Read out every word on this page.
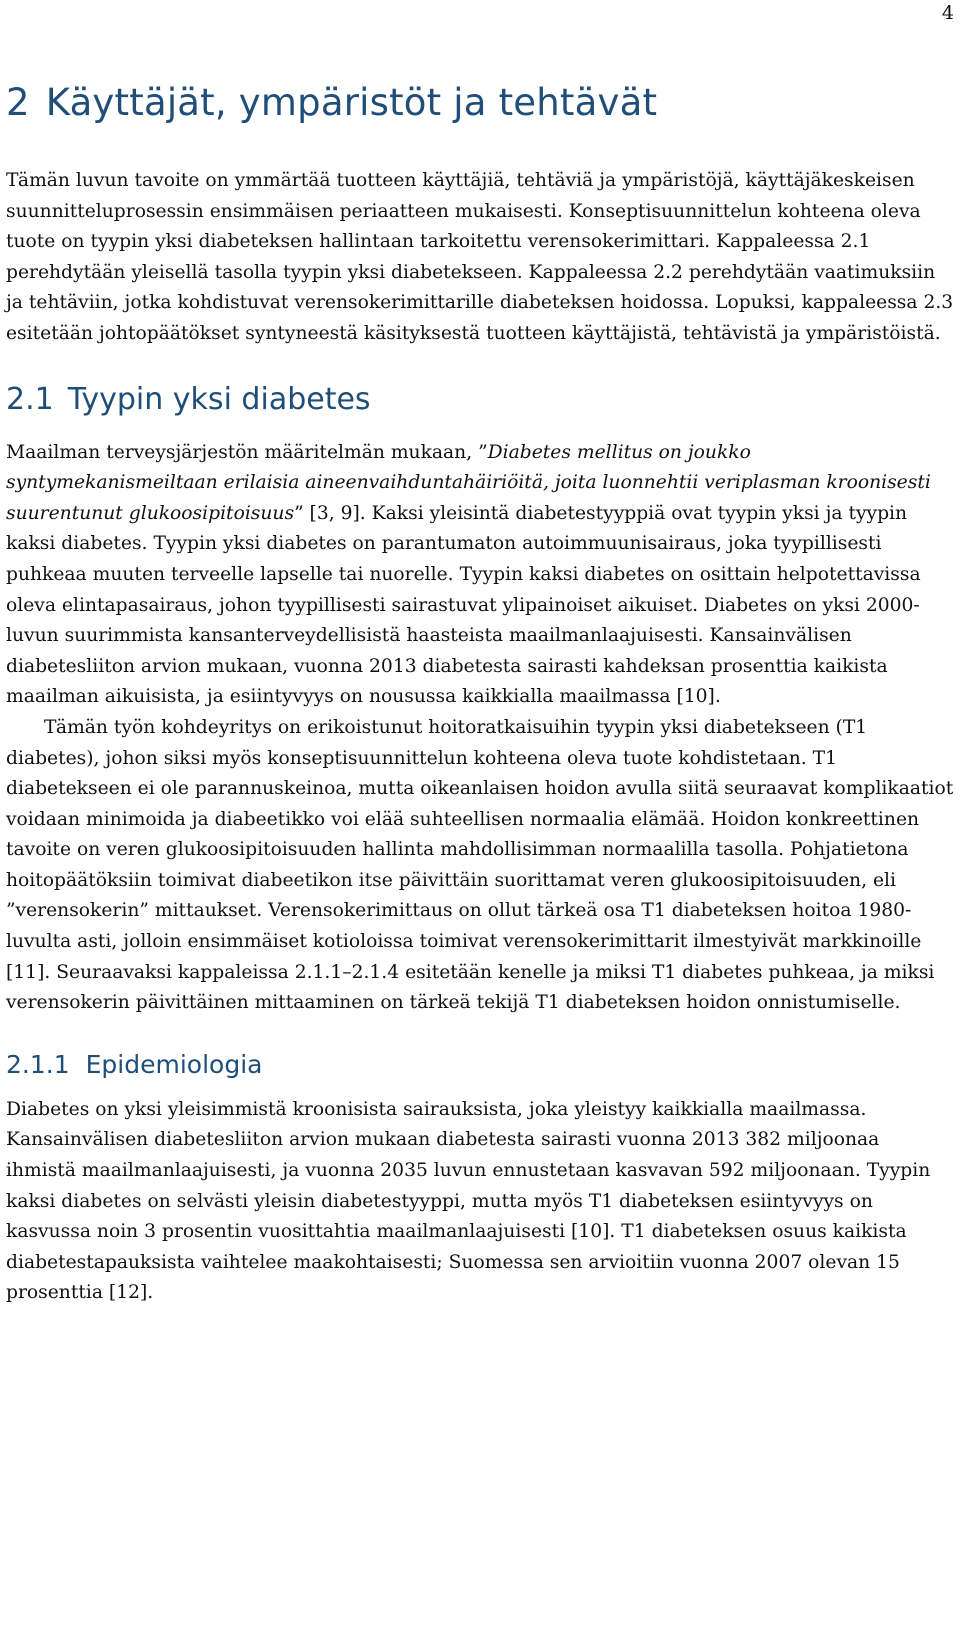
4
2 Käyttäjät, ympäristöt ja tehtävät

Tämän luvun tavoite on ymmärtää tuotteen käyttäjiä, tehtäviä ja ympäristöjä, käyttäjäkeskeisen suunnitteluprosessin ensimmäisen periaatteen mukaisesti. Konseptisuunnittelun kohteena oleva tuote on tyypin yksi diabeteksen hallintaan tarkoitettu verensokerimittari. Kappaleessa 2.1 perehdytään yleisellä tasolla tyypin yksi diabetekseen. Kappaleessa 2.2 perehdytään vaatimuksiin ja tehtäviin, jotka kohdistuvat verensokerimittarille diabeteksen hoidossa. Lopuksi, kappaleessa 2.3 esitetään johtopäätökset syntyneestä käsityksestä tuotteen käyttäjistä, tehtävistä ja ympäristöistä.

2.1 Tyypin yksi diabetes

Maailman terveysjärjestön määritelmän mukaan, ”Diabetes mellitus on joukko syntymekanismeiltaan erilaisia aineenvaihduntahäiriöitä, joita luonnehtii veriplasman kroonisesti suurentunut glukoosipitoisuus” [3, 9]. Kaksi yleisintä diabetestyyppiä ovat tyypin yksi ja tyypin kaksi diabetes. Tyypin yksi diabetes on parantumaton autoimmuunisairaus, joka tyypillisesti puhkeaa muuten terveelle lapselle tai nuorelle. Tyypin kaksi diabetes on osittain helpotettavissa oleva elintapasairaus, johon tyypillisesti sairastuvat ylipainoiset aikuiset. Diabetes on yksi 2000-luvun suurimmista kansanterveydellisistä haasteista maailmanlaajuisesti. Kansainvälisen diabetesliiton arvion mukaan, vuonna 2013 diabetesta sairasti kahdeksan prosenttia kaikista maailman aikuisista, ja esiintyvyys on nousussa kaikkialla maailmassa [10].

Tämän työn kohdeyritys on erikoistunut hoitoratkaisuihin tyypin yksi diabetekseen (T1 diabetes), johon siksi myös konseptisuunnittelun kohteena oleva tuote kohdistetaan. T1 diabetekseen ei ole parannuskeinoa, mutta oikeanlaisen hoidon avulla siitä seuraavat komplikaatiot voidaan minimoida ja diabeetikko voi elää suhteellisen normaalia elämää. Hoidon konkreettinen tavoite on veren glukoosipitoisuuden hallinta mahdollisimman normaalilla tasolla. Pohjatietona hoitopäätöksiin toimivat diabeetikon itse päivittäin suorittamat veren glukoosipitoisuuden, eli ”verensokerin” mittaukset. Verensokerimittaus on ollut tärkeä osa T1 diabeteksen hoitoa 1980-luvulta asti, jolloin ensimmäiset kotioloissa toimivat verensokerimittarit ilmestyivät markkinoille [11]. Seuraavaksi kappaleissa 2.1.1–2.1.4 esitetään kenelle ja miksi T1 diabetes puhkeaa, ja miksi verensokerin päivittäinen mittaaminen on tärkeä tekijä T1 diabeteksen hoidon onnistumiselle.

2.1.1 Epidemiologia

Diabetes on yksi yleisimmistä kroonisista sairauksista, joka yleistyy kaikkialla maailmassa. Kansainvälisen diabetesliiton arvion mukaan diabetesta sairasti vuonna 2013 382 miljoonaa ihmistä maailmanlaajuisesti, ja vuonna 2035 luvun ennustetaan kasvavan 592 miljoonaan. Tyypin kaksi diabetes on selvästi yleisin diabetestyyppi, mutta myös T1 diabeteksen esiintyvyys on kasvussa noin 3 prosentin vuosittahtia maailmanlaajuisesti [10]. T1 diabeteksen osuus kaikista diabetestapauksista vaihtelee maakohtaisesti; Suomessa sen arvioitiin vuonna 2007 olevan 15 prosenttia [12].
